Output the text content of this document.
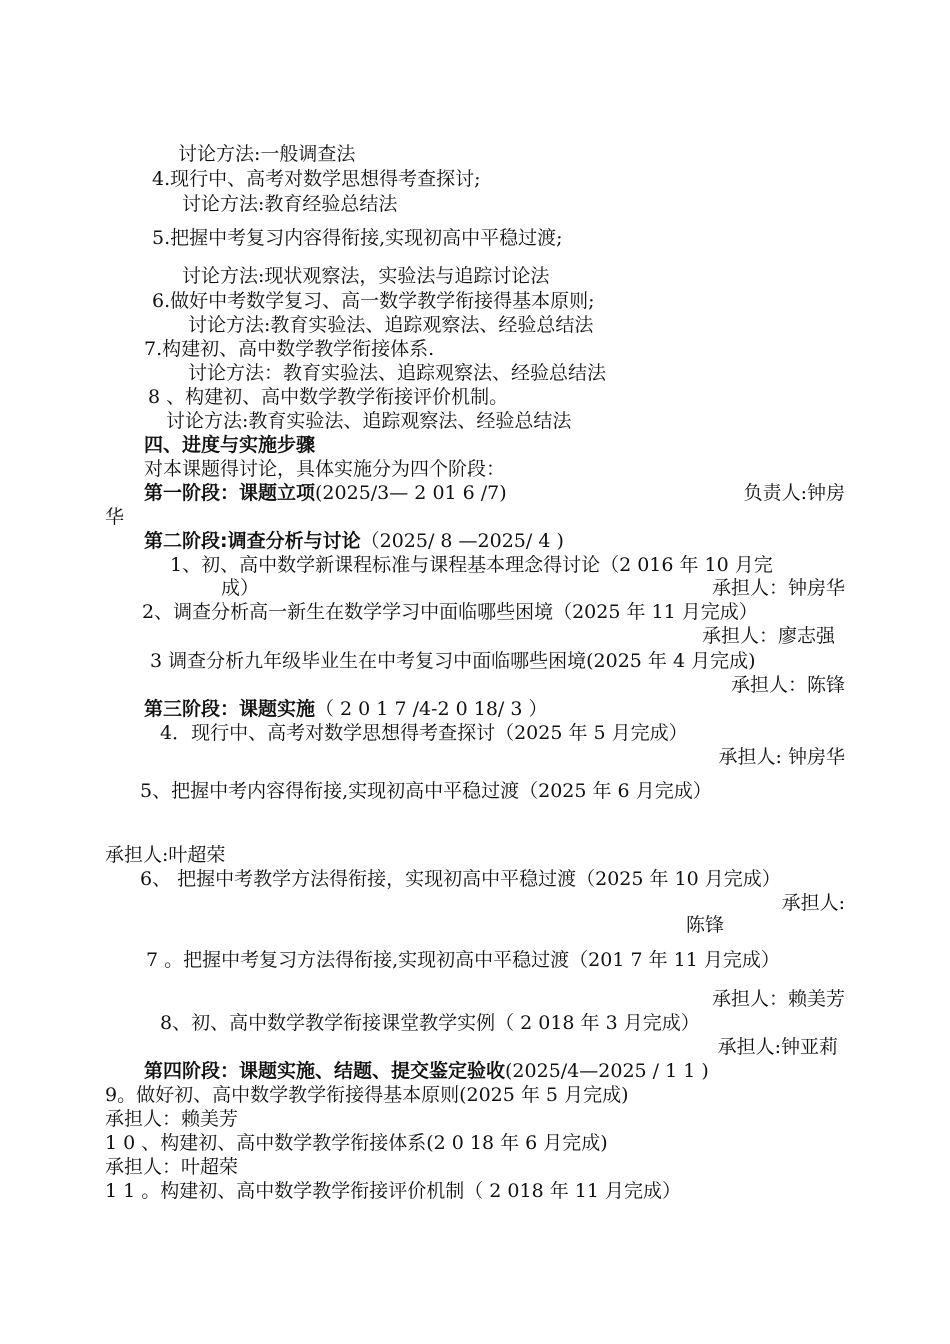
讨论方法:一般调查法
4.现行中、高考对数学思想得考查探讨;
讨论方法:教育经验总结法
5.把握中考复习内容得衔接,实现初高中平稳过渡;
讨论方法:现状观察法，实验法与追踪讨论法
6.做好中考数学复习、高一数学教学衔接得基本原则;
讨论方法:教育实验法、追踪观察法、经验总结法
7.构建初、高中数学教学衔接体系.
讨论方法：教育实验法、追踪观察法、经验总结法
8 、构建初、高中数学教学衔接评价机制。
讨论方法:教育实验法、追踪观察法、经验总结法
四、进度与实施步骤
对本课题得讨论，具体实施分为四个阶段：
第一阶段：课题立项(2025/3— 2 01 6 /7)	负责人:钟房
华
第二阶段:调查分析与讨论（2025/ 8 —2025/ 4 )
1、初、高中数学新课程标准与课程基本理念得讨论（2 016 年 10 月完
成）	承担人：钟房华
2、调查分析高一新生在数学学习中面临哪些困境（2025 年 11 月完成）
承担人：廖志强
3 调查分析九年级毕业生在中考复习中面临哪些困境(2025 年 4 月完成)
承担人：陈锋
第三阶段：课题实施（ 2 0 1 7 /4-2 0 18/ 3 ）
4．现行中、高考对数学思想得考查探讨（2025 年 5 月完成）
承担人: 钟房华
5、把握中考内容得衔接,实现初高中平稳过渡（2025 年 6 月完成）
承担人:叶超荣
6、 把握中考教学方法得衔接，实现初高中平稳过渡（2025 年 10 月完成）
承担人:
陈锋
7 。把握中考复习方法得衔接,实现初高中平稳过渡（201 7 年 11 月完成）
承担人：赖美芳
8、初、高中数学教学衔接课堂教学实例（ 2 018 年 3 月完成）
承担人:钟亚莉
第四阶段：课题实施、结题、提交鉴定验收(2025/4—2025 / 1 1 )
9。做好初、高中数学教学衔接得基本原则(2025 年 5 月完成)
承担人：赖美芳
1 0 、构建初、高中数学教学衔接体系(2 0 18 年 6 月完成)
承担人：叶超荣
1 1 。构建初、高中数学教学衔接评价机制（ 2 018 年 11 月完成）
